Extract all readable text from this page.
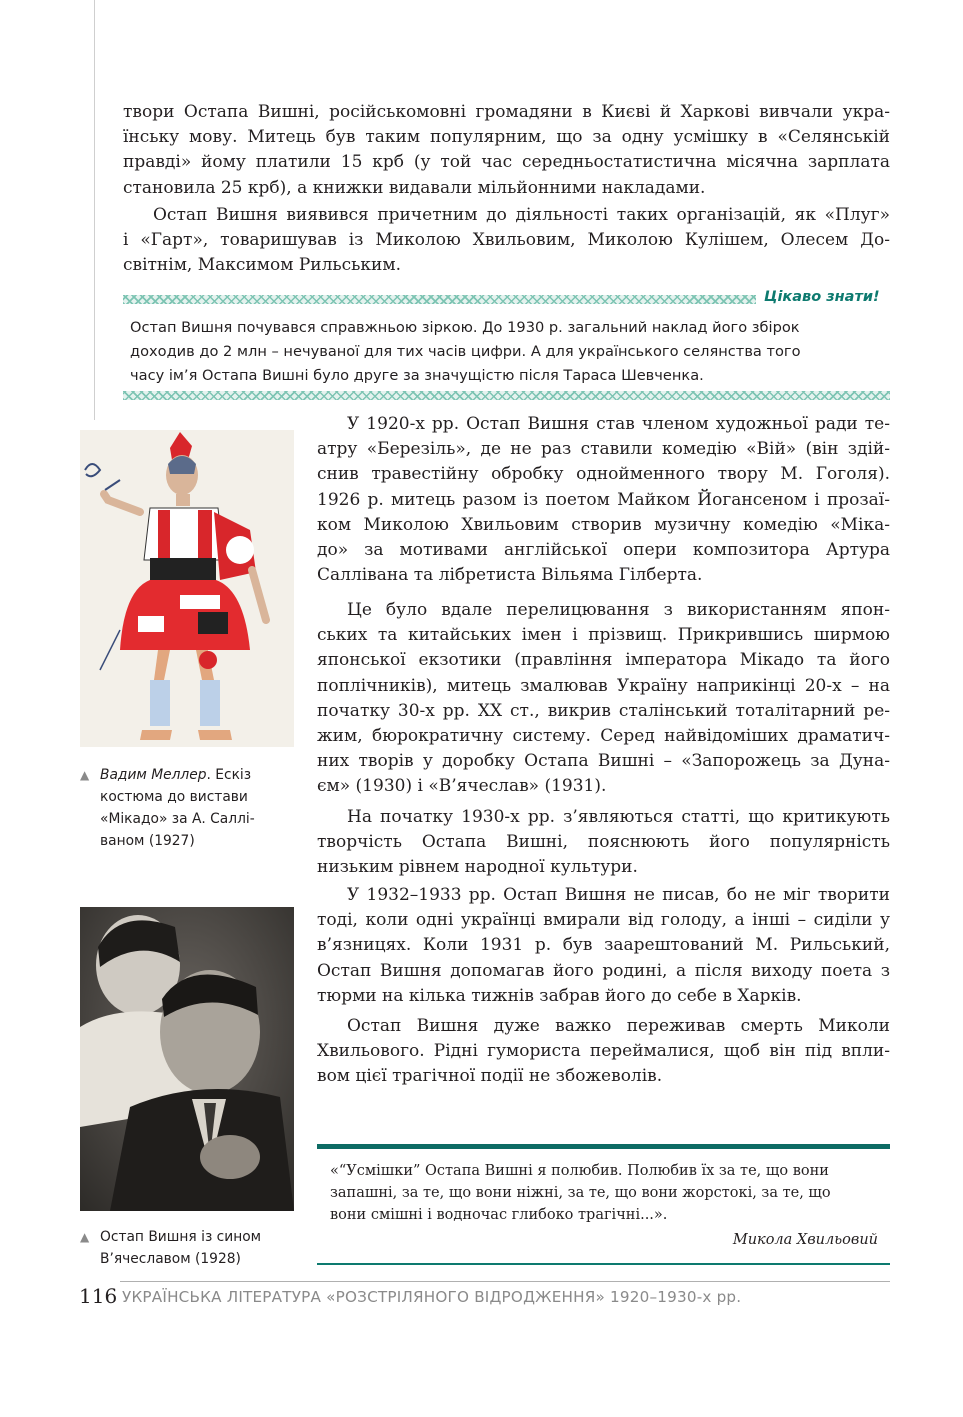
твори Остапа Вишні, російськомовні громадяни в Києві й Харкові вивчали укра-
їнську мову. Митець був таким популярним, що за одну усмішку в «Селянській
правді» йому платили 15 крб (у той час середньостатистична місячна зарплата
становила 25 крб), а книжки видавали мільйонними накладами.
Остап Вишня виявився причетним до діяльності таких організацій, як «Плуг»
і «Гарт», товаришував із Миколою Хвильовим, Миколою Кулішем, Олесем До-
світнім, Максимом Рильським.
Цікаво знати!

Остап Вишня почувався справжньою зіркою. До 1930 р. загальний наклад його збірок

доходив до 2 млн – нечуваної для тих часів цифри. А для українського селянства того

часу ім’я Остапа Вишні було друге за значущістю після Тараса Шевченка.

▲ Вадим Меллер. Ескіз

костюма до вистави

«Мікадо» за А. Саллі-

ваном (1927)

▲ Остап Вишня із сином

В’ячеславом (1928)

У 1920-х рр. Остап Вишня став членом художньої ради те-
атру «Березіль», де не раз ставили комедію «Вій» (він здій-
снив травестійну обробку однойменного твору М. Гоголя).
1926 р. митець разом із поетом Майком Йогансеном і прозаї-
ком Миколою Хвильовим створив музичну комедію «Міка-
до» за мотивами англійської опери композитора Артура
Салліванa та лібретиста Вільяма Гілберта.
Це було вдале перелицювання з використанням япон-
ських та китайських імен і прізвищ. Прикрившись ширмою
японської екзотики (правління імператора Мікадо та його
поплічників), митець змалював Україну наприкінці 20-х – на
початку 30-х рр. XX ст., викрив сталінський тоталітарний ре-
жим, бюрократичну систему. Серед найвідоміших драматич-
них творів у доробку Остапа Вишні – «Запорожець за Дуна-
єм» (1930) і «В’ячеслав» (1931).
На початку 1930-х рр. з’являються статті, що критикують
творчість Остапа Вишні, пояснюють його популярність
низьким рівнем народної культури.
У 1932–1933 рр. Остап Вишня не писав, бо не міг творити
тоді, коли одні українці вмирали від голоду, а інші – сиділи у
в’язницях. Коли 1931 р. був заарештований М. Рильський,
Остап Вишня допомагав його родині, а після виходу поета з
тюрми на кілька тижнів забрав його до себе в Харків.
Остап Вишня дуже важко переживав смерть Миколи
Хвильового. Рідні гумориста переймалися, щоб він під впли-
вом цієї трагічної події не збожеволів.

«“Усмішки” Остапа Вишні я полюбив. Полюбив їх за те, що вони

запашні, за те, що вони ніжні, за те, що вони жорстокі, за те, що

вони смішні і водночас глибоко трагічні...».

Микола Хвильовий
116 УКРАЇНСЬКА ЛІТЕРАТУРА «РОЗСТРІЛЯНОГО ВІДРОДЖЕННЯ» 1920–1930-х рр.
